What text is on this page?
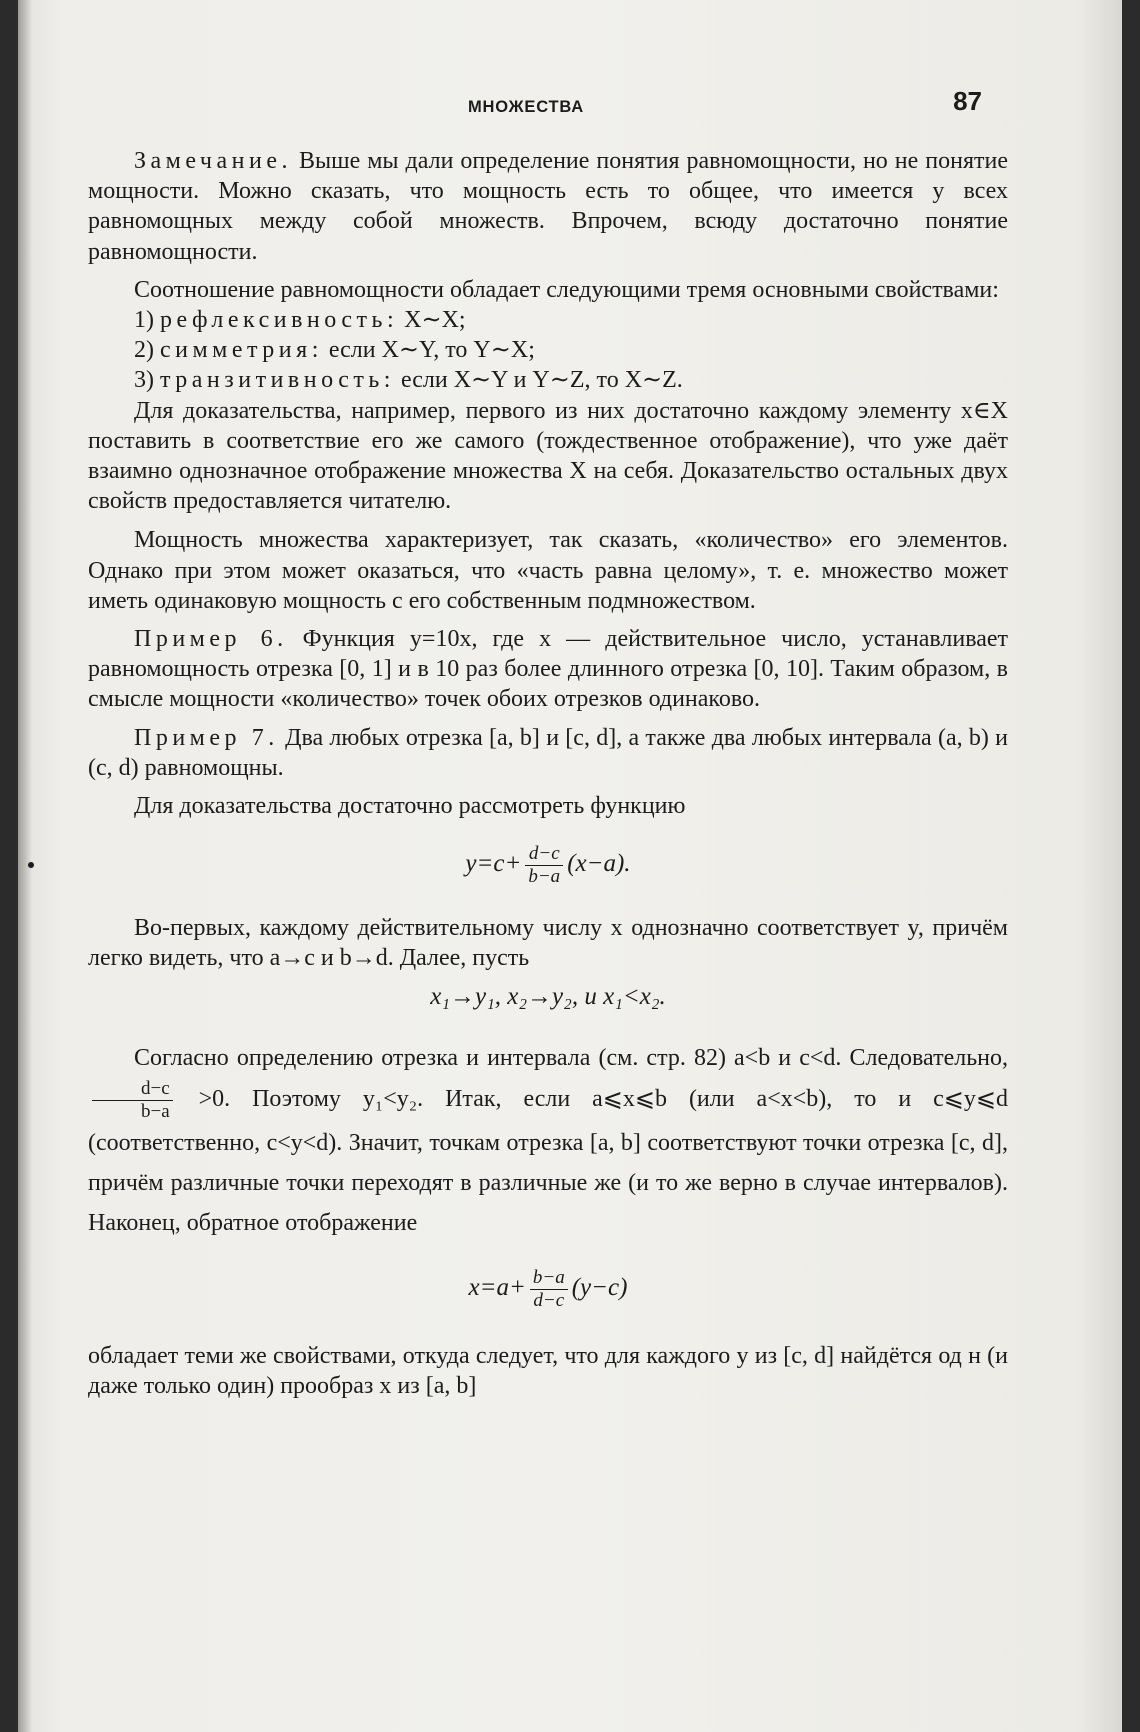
МНОЖЕСТВА	87

Замечание. Выше мы дали определение понятия равномощности, но не понятие мощности. Можно сказать, что мощность есть то общее, что имеется у всех равномощных между собой множеств. Впрочем, всюду достаточно понятие равномощности.

Соотношение равномощности обладает следующими тремя основными свойствами:

1) рефлексивность: X∼X;

2) симметрия: если X∼Y, то Y∼X;

3) транзитивность: если X∼Y и Y∼Z, то X∼Z.

Для доказательства, например, первого из них достаточно каждому элементу x∈X поставить в соответствие его же самого (тождественное отображение), что уже даёт взаимно однозначное отображение множества X на себя. Доказательство остальных двух свойств предоставляется читателю.

Мощность множества характеризует, так сказать, «количество» его элементов. Однако при этом может оказаться, что «часть равна целому», т. е. множество может иметь одинаковую мощность с его собственным подмножеством.

Пример 6. Функция y=10x, где x — действительное число, устанавливает равномощность отрезка [0, 1] и в 10 раз более длинного отрезка [0, 10]. Таким образом, в смысле мощности «количество» точек обоих отрезков одинаково.

Пример 7. Два любых отрезка [a, b] и [c, d], а также два любых интервала (a, b) и (c, d) равномощны.

Для доказательства достаточно рассмотреть функцию

$y=c+ \frac{d-c}{b-a} (x-a)$.

Во-первых, каждому действительному числу x однозначно соответствует y, причём легко видеть, что a→c и b→d. Далее, пусть

x₁→y₁, x₂→y₂, и x₁<x₂.

Согласно определению отрезка и интервала (см. стр. 82) a<b и c<d. Следовательно,
$\frac{d-c}{b-a} >0$. Поэтому y₁<y₂. Итак, если a⩽x⩽b (или a<x<b), то и c⩽y⩽d (соответственно, c<y<d). Значит, точкам отрезка [a, b] соответствуют точки отрезка [c, d], причём различные точки переходят в различные же (и то же верно в случае интервалов). Наконец, обратное отображение

$x=a+ \frac{b-a}{d-c} (y-c)$

обладает теми же свойствами, откуда следует, что для каждого y из [c, d] найдётся од н (и даже только один) прообраз x из [a, b]
